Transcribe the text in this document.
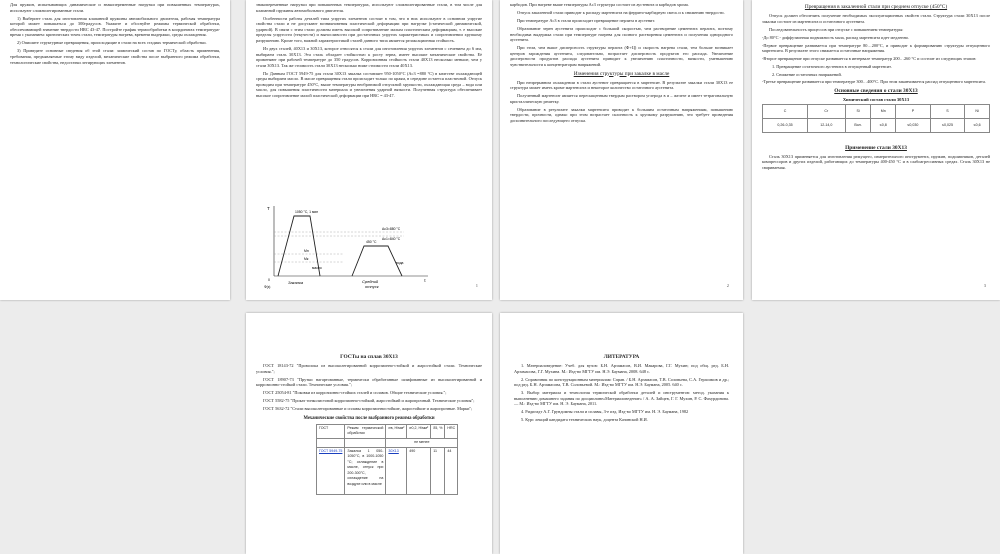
Для пружин, испытывающих динамические и знакопеременные нагрузки при повышенных температурах, используют сложнолегированные стали.

1) Выберите сталь для изготовления клапанной пружины автомобильного двигателя, рабочая температура которой может повышаться до 300градусов. Укажите и обоснуйте режимы термической обработки, обеспечивающей значение твердости HRC 43-47. Постройте график термообработки в координатах температура-время с указанием: критических точек стали, температуры нагрева, времени выдержки, среды охлаждения.

2) Опишите структурные превращения, происходящие в стали на всех стадиях термической обработки.

3) Приведите основные сведения об этой стали: химический состав по ГОСТу, область применения, требования, предъявляемые этому виду изделий, механические свойства после выбранного режима обработки, технологические свойства, недостатки легирующих элементов.

знакопеременные нагрузки при повышенных температурах, используют сложнолегированные стали, в том числе для клапанной пружины автомобильного двигателя.

Особенности работы деталей типа упругих элементов состоят в том, что в них используют в основном упругие свойства стали и не допускают возникновения пластической деформации при нагрузке (статической динамической, ударной). В связи с этим стали должны иметь высокий сопротивление малым пластическим деформациям, т. е высокие пределы упругости (текучести) и выносливости при достаточных упругих характеристиках и сопротивлении хрупкому разрушению. Кроме того, важной характеристикой сталей данного типа является релаксационная стойкость.

Из двух сталей, 40Х13 и 30Х13, которое относятся к стали для изготовления упругих элементов с сечением до 6 мм, выбираем сталь 30Х13. Эта сталь обладает стойкостью к росту зерна, имеет высокие механические свойства. Её применяют при рабочей температуре до 350 градусов. Коррозионная стойкость стали 40Х13 несколько меньше, чем у стали 30Х13. Так же стоимость стали 30Х13 несколько ниже стоимости стали 40Х13.

По Данным ГОСТ 5949-75 для стали 30Х13 закалка составляет 950-1050°С (Ac3 =880 °С) в качестве охлаждающей среды выбираем масло. В масле превращения стали происходит только по краям, в середине остается пластичной. Отпуск проводим при температуре 450°С, выше температуры необратимой отпускной хрупкости, охлаждающая среда – вода или масло, для повышения пластичности материала и увеличения ударной вязкости. Полученная структура обеспечивает высокое сопротивление малой пластической деформации при HRC = 43-47.

T
τ
0
1050 °С, 1 мин
Ac3=880 °С
Ac1=840 °С
450 °С
Mн
Mк
масло
вода
Закалка	Средний
отпуск
Ф(з)	1

карбидов. При нагреве выше температуры Ac3 структура состоит из аустенита и карбидов хрома.

Отпуск закаленной стали приводит к распаду мартенсита на феррито-карбидную смесь и к снижению твердости.

При температуре Ac3 в стали происходит превращение перлита в аустенит.

Образование зерен аустенита происходит с большой скоростью, чем растворение цементита перлита, поэтому необходима выдержка стали при температуре нагрева для полного растворения цементита и получения однородного аустенита.

При этом, чем выше дисперсность структуры перлита (Ф+Ц) и скорость нагрева стали, тем больше возникает центров зарождения аустенита, следовательно, возрастает дисперсность продуктов его распада. Увеличение дисперсности продуктов распада аустенита приводит к увеличению пластичности, вязкости, уменьшению чувствительности к концентраторам напряжений.

Изменения структуры при закалке в масле

При непрерывном охлаждении в стали аустенит превращается в мартенсит. В результате закалки стали 30Х13 ее структура может иметь кроме мартенсита и некоторое количество остаточного аустенита.

Полученный мартенсит является пересыщенным твердым раствором углерода в α – железе и имеет тетрагональную кристаллическую решетку.

Образование в результате закалки мартенсита приводит к большим остаточным напряжениям, повышению твердости, прочности, однако при этом возрастает склонность к хрупкому разрушению, что требует проведения дополнительного последующего отпуска.

2
Превращения в закаленной стали при среднем отпуске (450°С)

Отпуск должен обеспечить получение необходимых эксплуатационных свойств стали. Структура стали 30Х13 после закалки состоит из мартенсита и остаточного аустенита.

Последовательность процессов при отпуске с повышением температуры:

-До 80°С - диффузионная подвижность мала, распад мартенсита идет медленно.

-Первое превращение развивается при температуре 80…200°С, и приводит к формированию структуры отпущенного мартенсита. В результате этого снижается остаточные напряжения.

-Второе превращение при отпуске развивается в интервале температур 200…260 °С и состоит из следующих этапов:

1. Превращение остаточного аустенита в отпущенный мартенсит.
2. Снижение остаточных напряжений.

-Третье превращение развивается при температуре 300…400°С. При этом заканчивается распад отпущенного мартенсита.

Основные сведения о стали 30Х13
Химический состав стали 30Х13
C	Cr	Si	Mn	P	S	Ni
0,26-0,35	12-14,0	Вол.	≤0,8	≤0,030	≤0,025	≤0,6
Применение стали 30Х13

Сталь 30Х13 применяется для изготовления режущего, измерительного инструмента, пружин, подшипников, деталей компрессоров и других изделий, работающих до температуры 400-450 °С и в слабоагрессивных средах. Сталь 30Х13 не свариваемая.

3
ГОСТы на сплав 30Х13

ГОСТ 18143-72 "Проволока из высоколегированной коррозионно-стойкой и жаростойкой стали. Технические условия.";

ГОСТ 18907-73 "Прутки нагартованные, термически обработанные шлифованные из высоколегированной и коррозионно-стойкой стали. Технические условия.";

ГОСТ 25054-81 "Поковки из коррозионно-стойких сталей и сплавов. Общие технические условия.";

ГОСТ 5582-75 "Прокат тонколистовой коррозионно-стойкий, жаростойкий и жаропрочный. Технические условия";

ГОСТ 5632-72 "Стали высоколегированные и сплавы коррозионностойкие, жаростойкие и жаропрочные. Марки";

Механические свойства после выбранного режима обработки
ГОСТ	Режим термической обработки	σв, Н/мм²	σ0,2, Н/мм²	δ5, %	HRC
		не менее			
ГОСТ 5949-75	Закалка 1 050-1050°С, в 1000-1050 °С; охлаждение в масле, отпуск при 200-300°С, охлаждение на воздухе или в масле	30Х13	490	11	44
ЛИТЕРАТУРА

1. Материаловедение: Учеб. для вузов: Б.Н. Арзамасов, В.И. Макарова, Г.Г. Мухин; под общ. ред. Б.Н. Арзамасова, Г.Г. Мухина. М.: Изд-во МГТУ им. Н.Э. Баумана, 2008. 648 с.

2. Справочник по конструкционным материалам: Справ. / Б.Н. Арзамасов, Т.В. Соловьева, С.А. Герасимов и др.; под ред. Б.Н. Арзамасова, Т.В. Соловьевой. М.: Изд-во МГТУ им. Н.Э. Баумана, 2005. 640 с.

3. Выбор материала и технология термической обработки деталей и инструментов: метод. указания к выполнению домашнего задания по дисциплине«Материаловедение» / А. А. Зайцев, Г. Г. Мухин, Р. С. Фахурдинова. — М.: Изд-во МГТУ им. Н. Э. Баумана, 2011.

4. Ридигадт А.Г. Грундомны стали и сплавы, 3-е изд. Изд-во МГТУ им. Н. Э. Баумана, 1982

5. Курс лекций кандидата технических наук, доцента Казинской Н.И.
